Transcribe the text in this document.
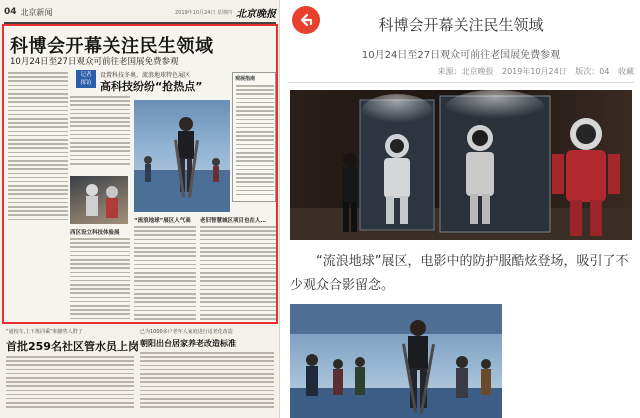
04 北京新闻	2019年10月24日 星期四 北京晚报
科博会开幕关注民生领域
10月24日至27日观众可前往老国展免费参观
记者
探访
设置科技冬奥、流浪地球特色展区
高科技纷纷“抢热点”
观展指南
西区设立科技体验展
“流浪地球”展区人气高 老旧智慧城区项目也在人…
“通校车,上下班同乘”和撤售人群了
首批259名社区管水员上岗
已为1000多户老年人家庭进行适老化改造
朝阳出台居家养老改造标准
科博会开幕关注民生领域
10月24日至27日观众可前往老国展免费参观
来源：北京晚报 2019年10月24日 版次：04 收藏
“流浪地球”展区，电影中的防护服酷炫登场，吸引了不少观众合影留念。
